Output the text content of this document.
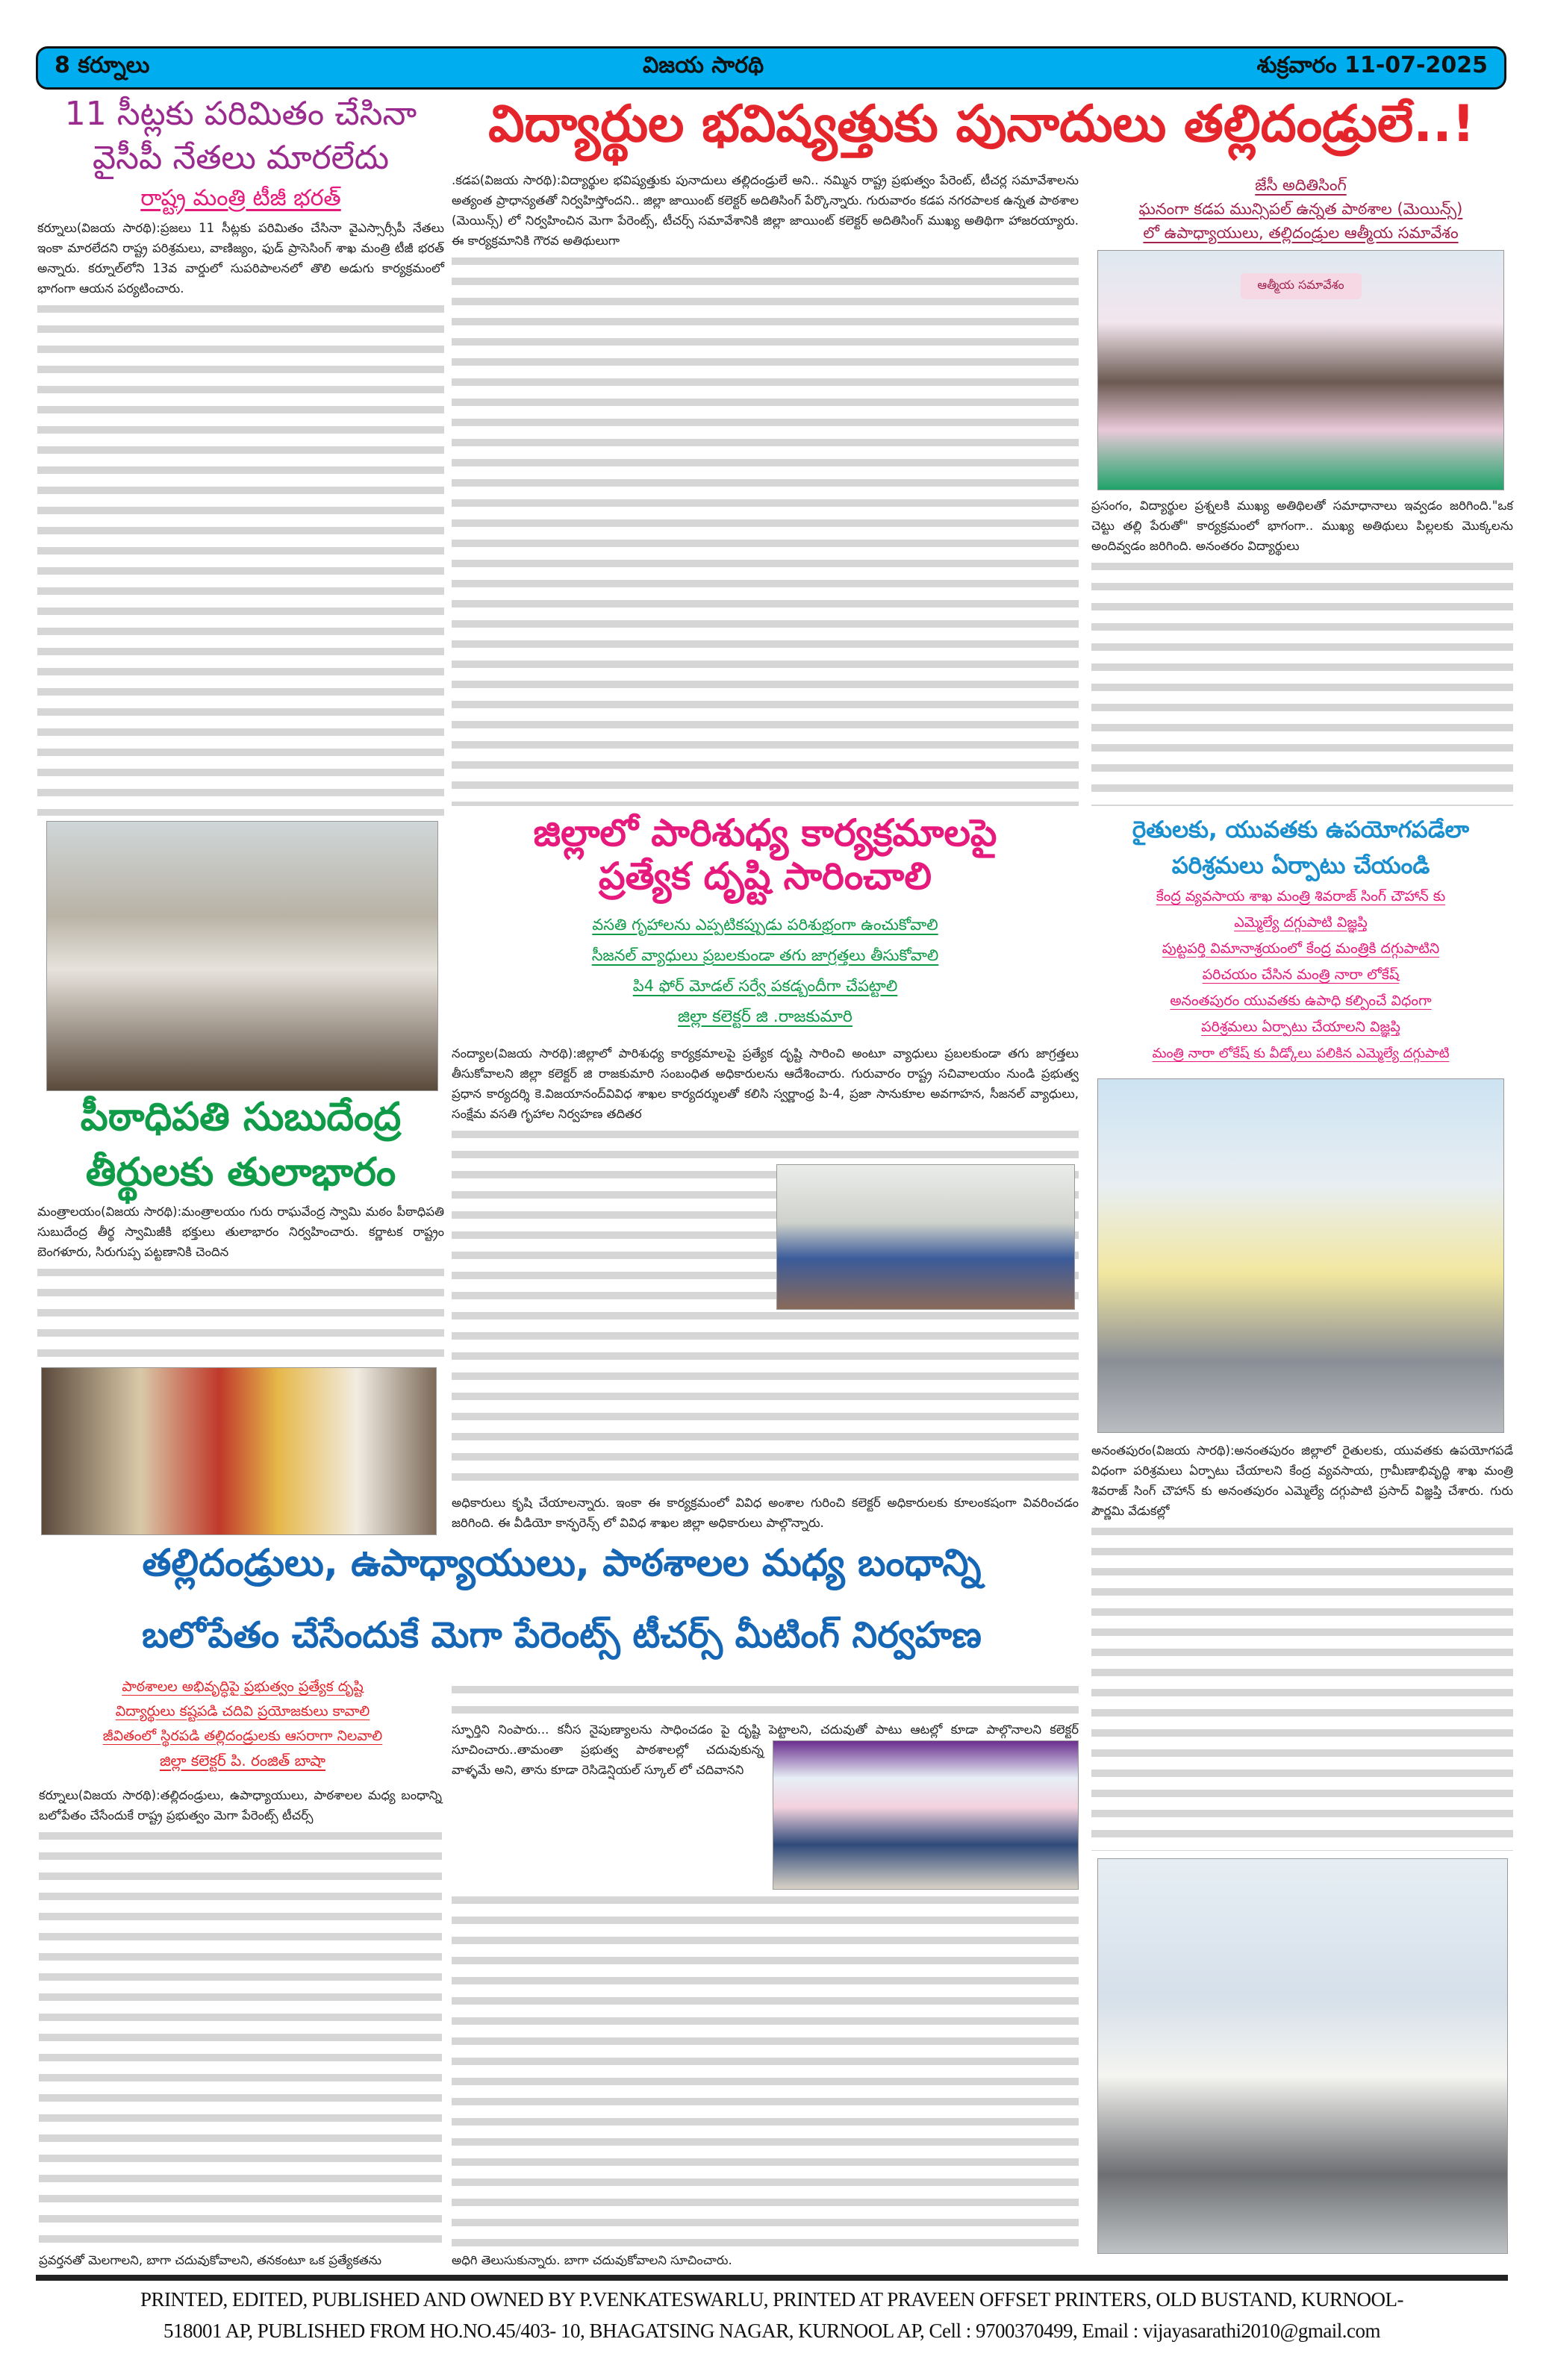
8 కర్నూలు	విజయ సారథి	శుక్రవారం 11-07-2025
11 సీట్లకు పరిమితం చేసినా
వైసీపీ నేతలు మారలేదు

రాష్ట్ర మంత్రి టీజీ భరత్

కర్నూలు(విజయ సారథి):ప్రజలు 11 సీట్లకు పరిమితం చేసినా వైఎస్సార్సీపీ నేతలు ఇంకా మారలేదని రాష్ట్ర పరిశ్రమలు, వాణిజ్యం, ఫుడ్ ప్రాసెసింగ్ శాఖ మంత్రి టీజీ భరత్ అన్నారు. కర్నూల్‌లోని 13వ వార్డులో సుపరిపాలనలో తొలి అడుగు కార్యక్రమంలో భాగంగా ఆయన పర్యటించారు.

పీఠాధిపతి సుబుదేంద్ర
తీర్థులకు తులాభారం

మంత్రాలయం(విజయ సారథి):మంత్రాలయం గురు రాఘవేంద్ర స్వామి మఠం పీఠాధిపతి సుబుదేంద్ర తీర్థ స్వామిజీకి భక్తులు తులాభారం నిర్వహించారు. కర్ణాటక రాష్ట్రం బెంగళూరు, సిరుగుప్ప పట్టణానికి చెందిన

విద్యార్థుల భవిష్యత్తుకు పునాదులు తల్లిదండ్రులే..!

.కడప(విజయ సారథి):విద్యార్థుల భవిష్యత్తుకు పునాదులు తల్లిదండ్రులే అని.. నమ్మిన రాష్ట్ర ప్రభుత్వం పేరెంట్, టీచర్ల సమావేశాలను అత్యంత ప్రాధాన్యతతో నిర్వహిస్తోందని.. జిల్లా జాయింట్ కలెక్టర్ అదితిసింగ్ పేర్కొన్నారు. గురువారం కడప నగరపాలక ఉన్నత పాఠశాల (మెయిన్స్) లో నిర్వహించిన మెగా పేరెంట్స్, టీచర్స్ సమావేశానికి జిల్లా జాయింట్ కలెక్టర్ అదితిసింగ్ ముఖ్య అతిథిగా హాజరయ్యారు. ఈ కార్యక్రమానికి గౌరవ అతిథులుగా

జేసీ అదితిసింగ్

ఘనంగా కడప మున్సిపల్ ఉన్నత పాఠశాల (మెయిన్స్)

లో ఉపాధ్యాయులు, తల్లిదండ్రుల ఆత్మీయ సమావేశం

ఆత్మీయ సమావేశం

ప్రసంగం, విద్యార్థుల ప్రశ్నలకి ముఖ్య అతిథిలతో సమాధానాలు ఇవ్వడం జరిగింది."ఒక చెట్టు తల్లి పేరుతో" కార్యక్రమంలో భాగంగా.. ముఖ్య అతిథులు పిల్లలకు మొక్కలను అందివ్వడం జరిగింది. అనంతరం విద్యార్థులు

జిల్లాలో పారిశుధ్య కార్యక్రమాలపై
ప్రత్యేక దృష్టి సారించాలి

వసతి గృహాలను ఎప్పటికప్పుడు పరిశుభ్రంగా ఉంచుకోవాలి

సీజనల్ వ్యాధులు ప్రబలకుండా తగు జాగ్రత్తలు తీసుకోవాలి

పి4 ఫోర్ మోడల్ సర్వే పకడ్బందీగా చేపట్టాలి

జిల్లా కలెక్టర్ జి .రాజకుమారి

నంద్యాల(విజయ సారథి):జిల్లాలో పారిశుధ్య కార్యక్రమాలపై ప్రత్యేక దృష్టి సారించి అంటూ వ్యాధులు ప్రబలకుండా తగు జాగ్రత్తలు తీసుకోవాలని జిల్లా కలెక్టర్ జి రాజకుమారి సంబంధిత అధికారులను ఆదేశించారు. గురువారం రాష్ట్ర సచివాలయం నుండి ప్రభుత్వ ప్రధాన కార్యదర్శి కె.విజయానంద్‌వివిధ శాఖల కార్యదర్శులతో కలిసి స్వర్ణాంధ్ర పి-4, ప్రజా సానుకూల అవగాహన, సీజనల్ వ్యాధులు, సంక్షేమ వసతి గృహాల నిర్వహణ తదితర

అధికారులు కృషి చేయాలన్నారు. ఇంకా ఈ కార్యక్రమంలో వివిధ అంశాల గురించి కలెక్టర్ అధికారులకు కూలంకషంగా వివరించడం జరిగింది. ఈ వీడియో కాన్ఫరెన్స్ లో వివిధ శాఖల జిల్లా అధికారులు పాల్గొన్నారు.

రైతులకు, యువతకు ఉపయోగపడేలా
పరిశ్రమలు ఏర్పాటు చేయండి

కేంద్ర వ్యవసాయ శాఖ మంత్రి శివరాజ్ సింగ్ చౌహాన్ కు

ఎమ్మెల్యే దగ్గుపాటి విజ్ఞప్తి

పుట్టపర్తి విమానాశ్రయంలో కేంద్ర మంత్రికి దగ్గుపాటిని

పరిచయం చేసిన మంత్రి నారా లోకేష్

అనంతపురం యువతకు ఉపాధి కల్పించే విధంగా

పరిశ్రమలు ఏర్పాటు చేయాలని విజ్ఞప్తి

మంత్రి నారా లోకేష్ కు వీడ్కోలు పలికిన ఎమ్మెల్యే దగ్గుపాటి

అనంతపురం(విజయ సారథి):అనంతపురం జిల్లాలో రైతులకు, యువతకు ఉపయోగపడే విధంగా పరిశ్రమలు ఏర్పాటు చేయాలని కేంద్ర వ్యవసాయ, గ్రామీణాభివృద్ధి శాఖ మంత్రి శివరాజ్ సింగ్ చౌహాన్ కు అనంతపురం ఎమ్మెల్యే దగ్గుపాటి ప్రసాద్ విజ్ఞప్తి చేశారు. గురు పౌర్ణమి వేడుకల్లో

తల్లిదండ్రులు, ఉపాధ్యాయులు, పాఠశాలల మధ్య బంధాన్ని
బలోపేతం చేసేందుకే మెగా పేరెంట్స్ టీచర్స్ మీటింగ్ నిర్వహణ

పాఠశాలల అభివృద్ధిపై ప్రభుత్వం ప్రత్యేక దృష్టి

విద్యార్థులు కష్టపడి చదివి ప్రయోజకులు కావాలి

జీవితంలో స్థిరపడి తల్లిదండ్రులకు ఆసరాగా నిలవాలి

జిల్లా కలెక్టర్ పి. రంజిత్ బాషా

కర్నూలు(విజయ సారథి):తల్లిదండ్రులు, ఉపాధ్యాయులు, పాఠశాలల మధ్య బంధాన్ని బలోపేతం చేసేందుకే రాష్ట్ర ప్రభుత్వం మెగా పేరెంట్స్ టీచర్స్

ప్రవర్తనతో మెలగాలని, బాగా చదువుకోవాలని, తనకంటూ ఒక ప్రత్యేకతను

స్ఫూర్తిని నింపారు... కనీస నైపుణ్యాలను సాధించడం పై దృష్టి పెట్టాలని, చదువుతో పాటు ఆటల్లో కూడా పాల్గొనాలని కలెక్టర్ సూచించారు..తామంతా ప్రభుత్వ పాఠశాలల్లో చదువుకున్న వాళ్ళమే అని, తాను కూడా రెసిడెన్షియల్ స్కూల్ లో చదివానని

అధిగి తెలుసుకున్నారు. బాగా చదువుకోవాలని సూచించారు.

PRINTED, EDITED, PUBLISHED AND OWNED BY P.VENKATESWARLU, PRINTED AT PRAVEEN OFFSET PRINTERS, OLD BUSTAND, KURNOOL-
518001 AP, PUBLISHED FROM HO.NO.45/403- 10, BHAGATSING NAGAR, KURNOOL AP, Cell : 9700370499, Email : vijayasarathi2010@gmail.com
